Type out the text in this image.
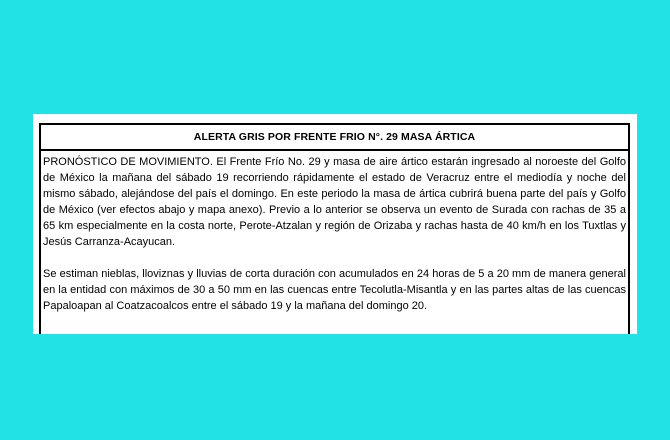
ALERTA GRIS POR FRENTE FRIO N°. 29 MASA ÁRTICA

PRONÓSTICO DE MOVIMIENTO. El Frente Frío No. 29 y masa de aire ártico estarán ingresado al noroeste del Golfo de México la mañana del sábado 19 recorriendo rápidamente el estado de Veracruz entre el mediodía y noche del mismo sábado, alejándose del país el domingo. En este periodo la masa de ártica cubrirá buena parte del país y Golfo de México (ver efectos abajo y mapa anexo). Previo a lo anterior se observa un evento de Surada con rachas de 35 a 65 km especialmente en la costa norte, Perote-Atzalan y región de Orizaba y rachas hasta de 40 km/h en los Tuxtlas y Jesús Carranza-Acayucan.

Se estiman nieblas, lloviznas y lluvias de corta duración con acumulados en 24 horas de 5 a 20 mm de manera general en la entidad con máximos de 30 a 50 mm en las cuencas entre Tecolutla-Misantla y en las partes altas de las cuencas Papaloapan al Coatzacoalcos entre el sábado 19 y la mañana del domingo 20.
